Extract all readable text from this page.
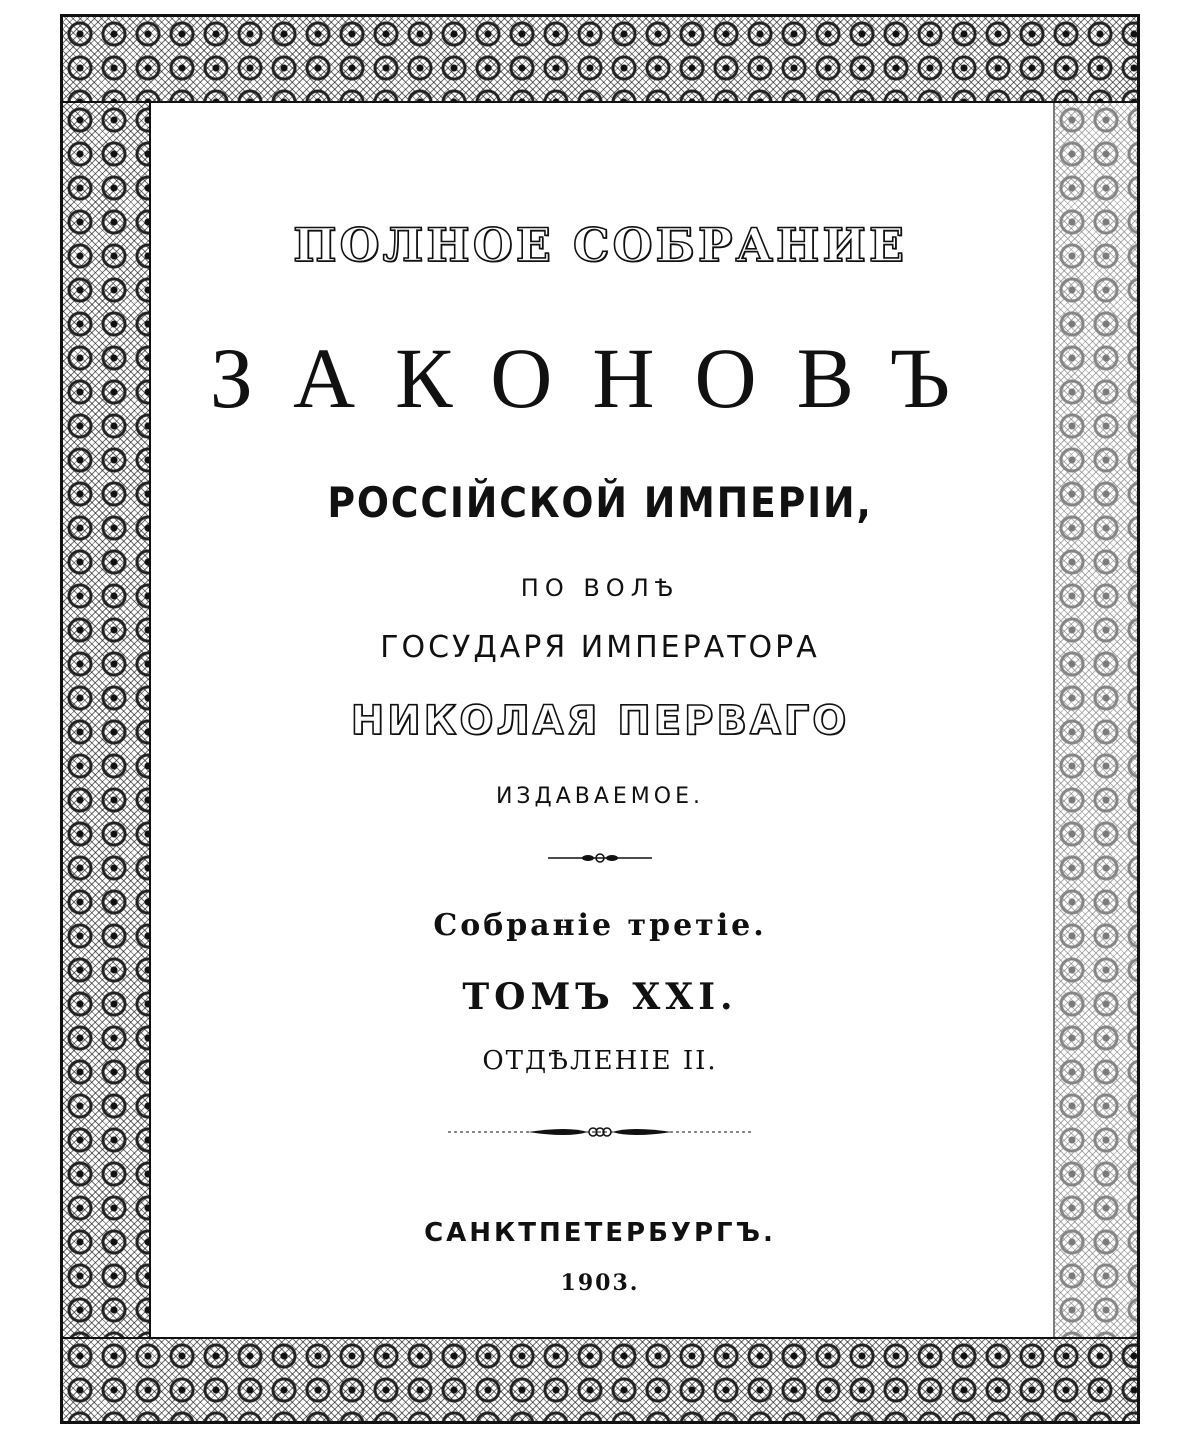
ПОЛНОЕ СОБРАНИЕ
ЗАКОНОВЪ
РОССІЙСКОЙ ИМПЕРІИ,
ПО ВОЛѢ
ГОСУДАРЯ ИМПЕРАТОРА
НИКОЛАЯ ПЕРВАГО
ИЗДАВАЕМОЕ.
Собраніе третіе.
ТОМЪ XXI.
ОТДѢЛЕНІЕ II.
САНКТПЕТЕРБУРГЪ.
1903.
